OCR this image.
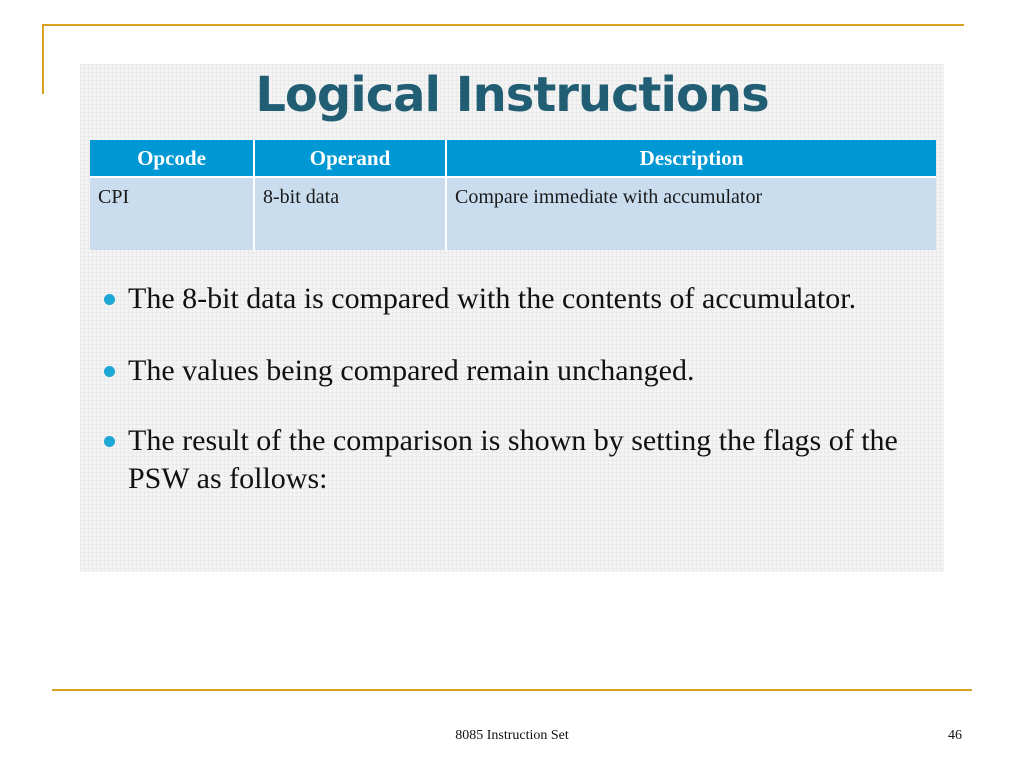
Logical Instructions
Opcode	Operand	Description
CPI	8-bit data	Compare immediate with accumulator
The 8-bit data is compared with the contents of accumulator.
The values being compared remain unchanged.
The result of the comparison is shown by setting the flags of the PSW as follows:
8085 Instruction Set	46
